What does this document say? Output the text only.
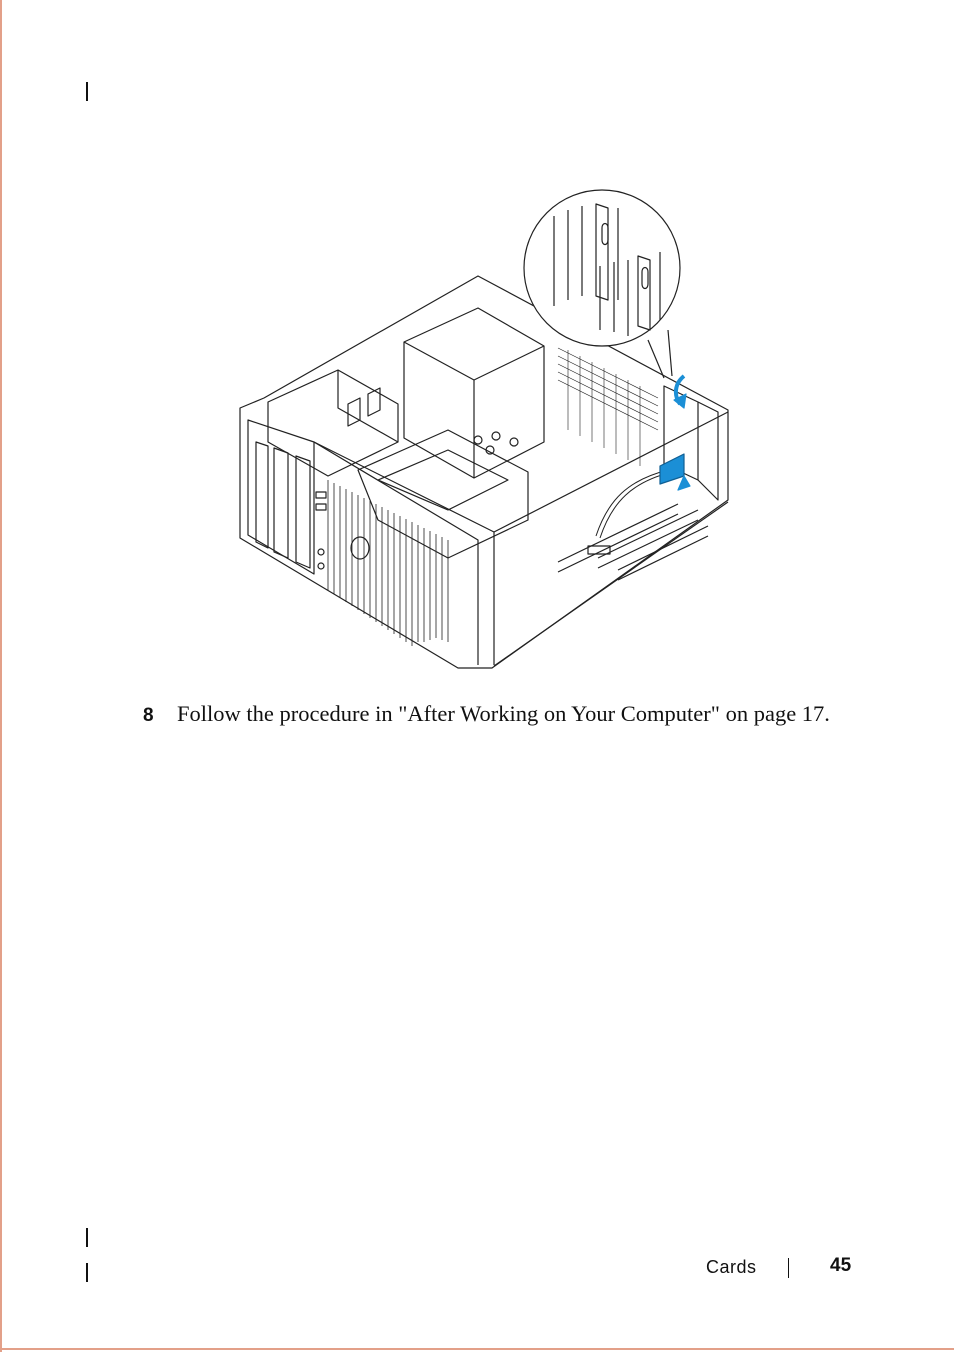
8 Follow the procedure in "After Working on Your Computer" on page 17.
Cards	45
